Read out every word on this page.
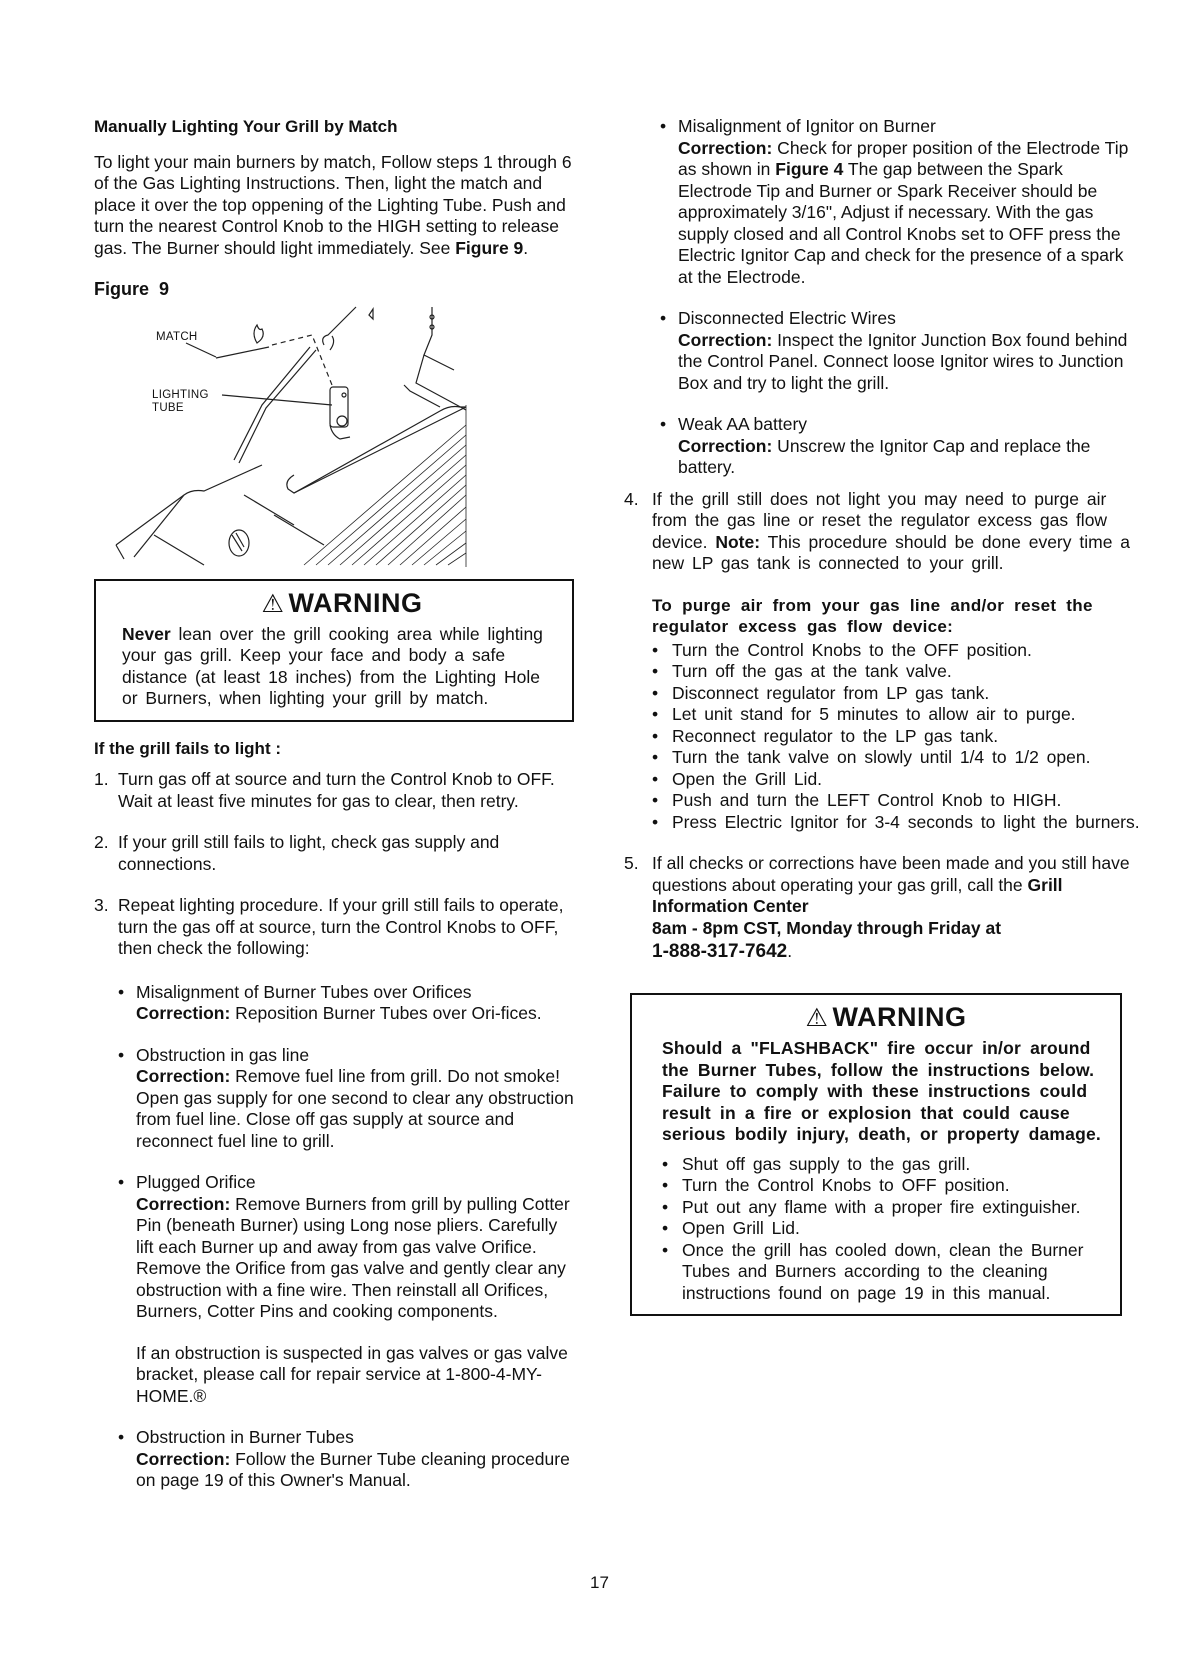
Manually Lighting Your Grill by Match

To light your main burners by match, Follow steps 1 through 6 of the Gas Lighting Instructions. Then, light the match and place it over the top oppening of the Lighting Tube. Push and turn the nearest Control Knob to the HIGH setting to release gas. The Burner should light immediately. See Figure 9.

Figure  9
MATCH
LIGHTING
TUBE
⚠ WARNING

Never lean over the grill cooking area while lighting your gas grill. Keep your face and body a safe distance (at least 18 inches) from the Lighting Hole or Burners, when lighting your grill by match.

If the grill fails to light :
1. Turn gas off at source and turn the Control Knob to OFF. Wait at least five minutes for gas to clear, then retry.
2. If your grill still fails to light, check gas supply and connections.
3. Repeat lighting procedure. If your grill still fails to operate, turn the gas off at source, turn the Control Knobs to OFF, then check the following:
• Misalignment of Burner Tubes over Orifices
Correction: Reposition Burner Tubes over Ori-fices.
• Obstruction in gas line
Correction: Remove fuel line from grill. Do not smoke! Open gas supply for one second to clear any obstruction from fuel line. Close off gas supply at source and reconnect fuel line to grill.
• Plugged Orifice
Correction: Remove Burners from grill by pulling Cotter Pin (beneath Burner) using Long nose pliers. Carefully lift each Burner up and away from gas valve Orifice. Remove the Orifice from gas valve and gently clear any obstruction with a fine wire. Then reinstall all Orifices, Burners, Cotter Pins and cooking components.

If an obstruction is suspected in gas valves or gas valve bracket, please call for repair service at 1-800-4-MY-HOME.®

• Obstruction in Burner Tubes
Correction: Follow the Burner Tube cleaning procedure on page 19 of this Owner's Manual.
• Misalignment of Ignitor on Burner
Correction: Check for proper position of the Electrode Tip as shown in Figure 4 The gap between the Spark Electrode Tip and Burner or Spark Receiver should be approximately 3/16", Adjust if necessary. With the gas supply closed and all Control Knobs set to OFF press the Electric Ignitor Cap and check for the presence of a spark at the Electrode.
• Disconnected Electric Wires
Correction: Inspect the Ignitor Junction Box found behind the Control Panel. Connect loose Ignitor wires to Junction Box and try to light the grill.
• Weak AA battery
Correction: Unscrew the Ignitor Cap and replace the battery.
4. If the grill still does not light you may need to purge air from the gas line or reset the regulator excess gas flow device. Note: This procedure should be done every time a new LP gas tank is connected to your grill.
To purge air from your gas line and/or reset the regulator excess gas flow device:
• Turn the Control Knobs to the OFF position.
• Turn off the gas at the tank valve.
• Disconnect regulator from LP gas tank.
• Let unit stand for 5 minutes to allow air to purge.
• Reconnect regulator to the LP gas tank.
• Turn the tank valve on slowly until 1/4 to 1/2 open.
• Open the Grill Lid.
• Push and turn the LEFT Control Knob to HIGH.
• Press Electric Ignitor for 3-4 seconds to light the burners.
5. If all checks or corrections have been made and you still have questions about operating your gas grill, call the Grill Information Center
8am - 8pm CST, Monday through Friday at
1-888-317-7642.
⚠ WARNING

Should a "FLASHBACK" fire occur in/or around the Burner Tubes, follow the instructions below. Failure to comply with these instructions could result in a fire or explosion that could cause serious bodily injury, death, or property damage.

• Shut off gas supply to the gas grill.
• Turn the Control Knobs to OFF position.
• Put out any flame with a proper fire extinguisher.
• Open Grill Lid.
• Once the grill has cooled down, clean the Burner Tubes and Burners according to the cleaning instructions found on page 19 in this manual.
17
